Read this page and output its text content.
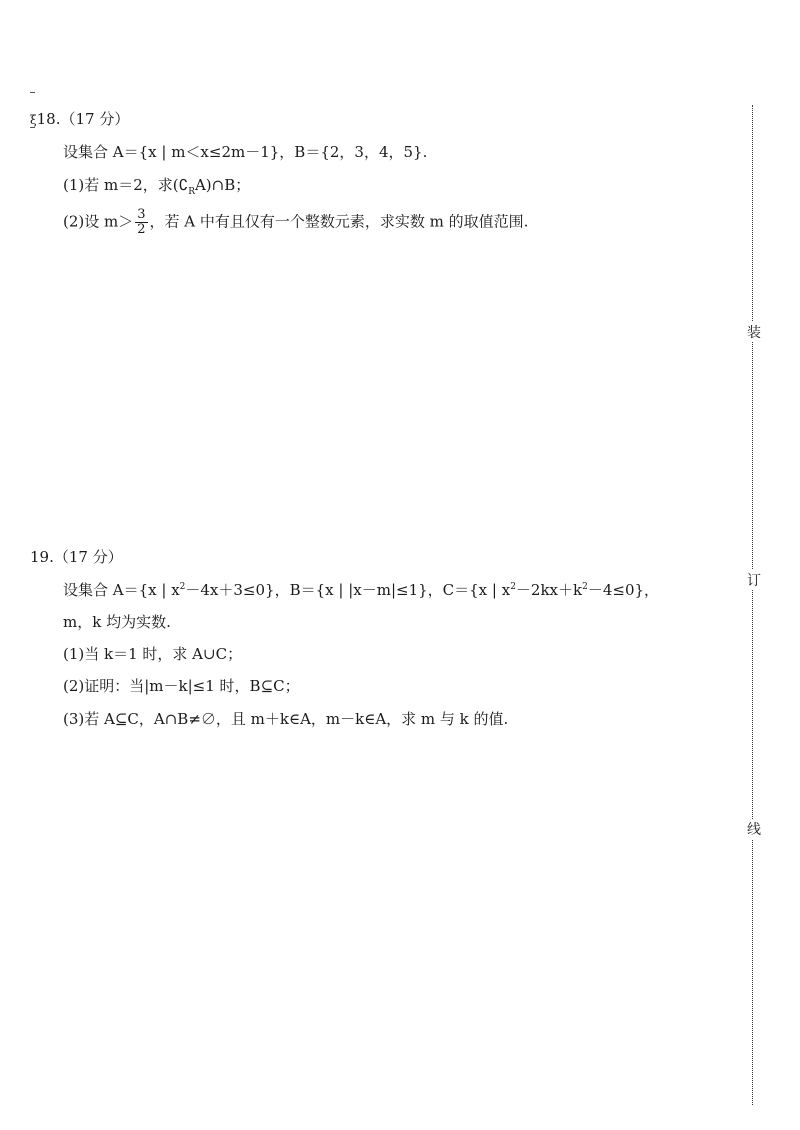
ξ18.（17 分）
设集合 A＝{x | m＜x≤2m－1}，B＝{2，3，4，5}.
(1)若 m＝2，求$(∁_RA)\cap B$；
(2)设 $m> \frac{3}{2}$ ，若 A 中有且仅有一个整数元素，求实数 m 的取值范围.
19.（17 分）
设集合 A＝{x | $x^2-4x+3\le 0$}，B＝{x | |x－m|≤1}，C＝{x | $x^2-2kx+k^2-4\le 0$}，
m，k 均为实数.
(1)当 k＝1 时，求 A∪C；
(2)证明：当|m－k|≤1 时，B⊆C；
(3)若 A⊆C，A∩B≠∅，且 m＋k∈A，m－k∈A，求 m 与 k 的值.
装
订
线
